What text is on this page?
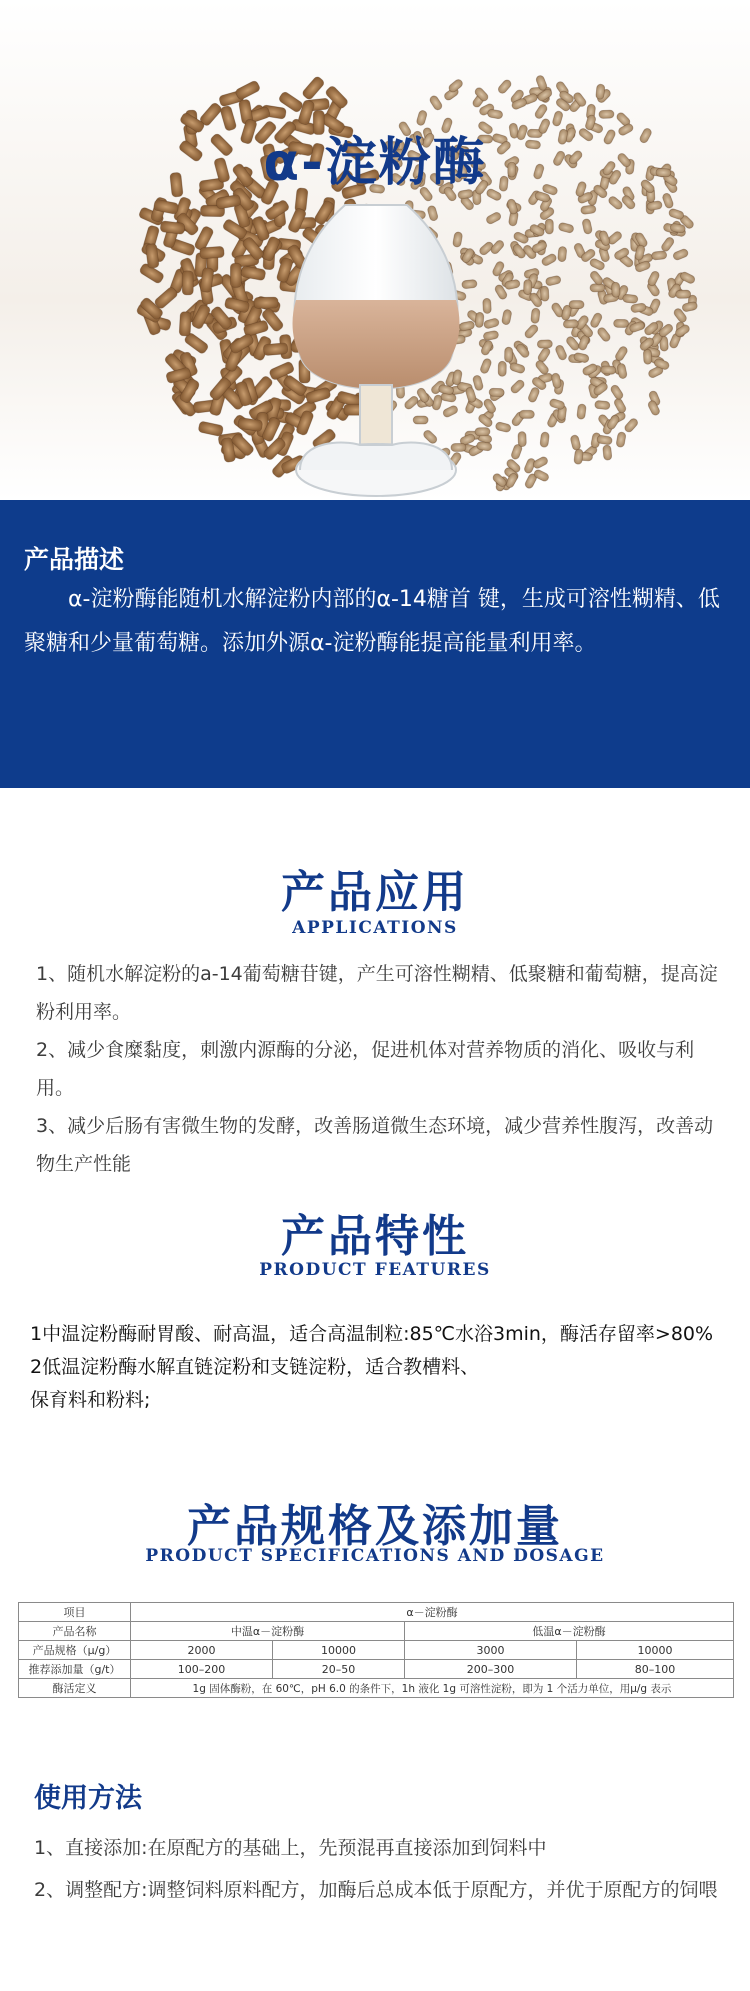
α-淀粉酶
产品描述
α-淀粉酶能随机水解淀粉内部的α-14糖首 键，生成可溶性糊精、低聚糖和少量葡萄糖。添加外源α-淀粉酶能提高能量利用率。
产品应用
APPLICATIONS

1、随机水解淀粉的a-14葡萄糖苷键，产生可溶性糊精、低聚糖和葡萄糖，提高淀粉利用率。

2、减少食糜黏度，刺激内源酶的分泌，促进机体对营养物质的消化、吸收与利用。

3、减少后肠有害微生物的发酵，改善肠道微生态环境，减少营养性腹泻，改善动物生产性能

产品特性
PRODUCT FEATURES

1中温淀粉酶耐胃酸、耐高温，适合高温制粒:85℃水浴3min，酶活存留率>80%

2低温淀粉酶水解直链淀粉和支链淀粉，适合教槽料、

保育料和粉料;

产品规格及添加量
PRODUCT SPECIFICATIONS AND DOSAGE
项目	α－淀粉酶			
产品名称	中温α－淀粉酶		低温α－淀粉酶	
产品规格（μ/g）	2000	10000	3000	10000
推荐添加量（g/t）	100–200	20–50	200–300	80–100
酶活定义	1g 固体酶粉，在 60℃，pH 6.0 的条件下，1h 液化 1g 可溶性淀粉，即为 1 个活力单位，用μ/g 表示			
使用方法

1、直接添加:在原配方的基础上，先预混再直接添加到饲料中

2、调整配方:调整饲料原料配方，加酶后总成本低于原配方，并优于原配方的饲喂
